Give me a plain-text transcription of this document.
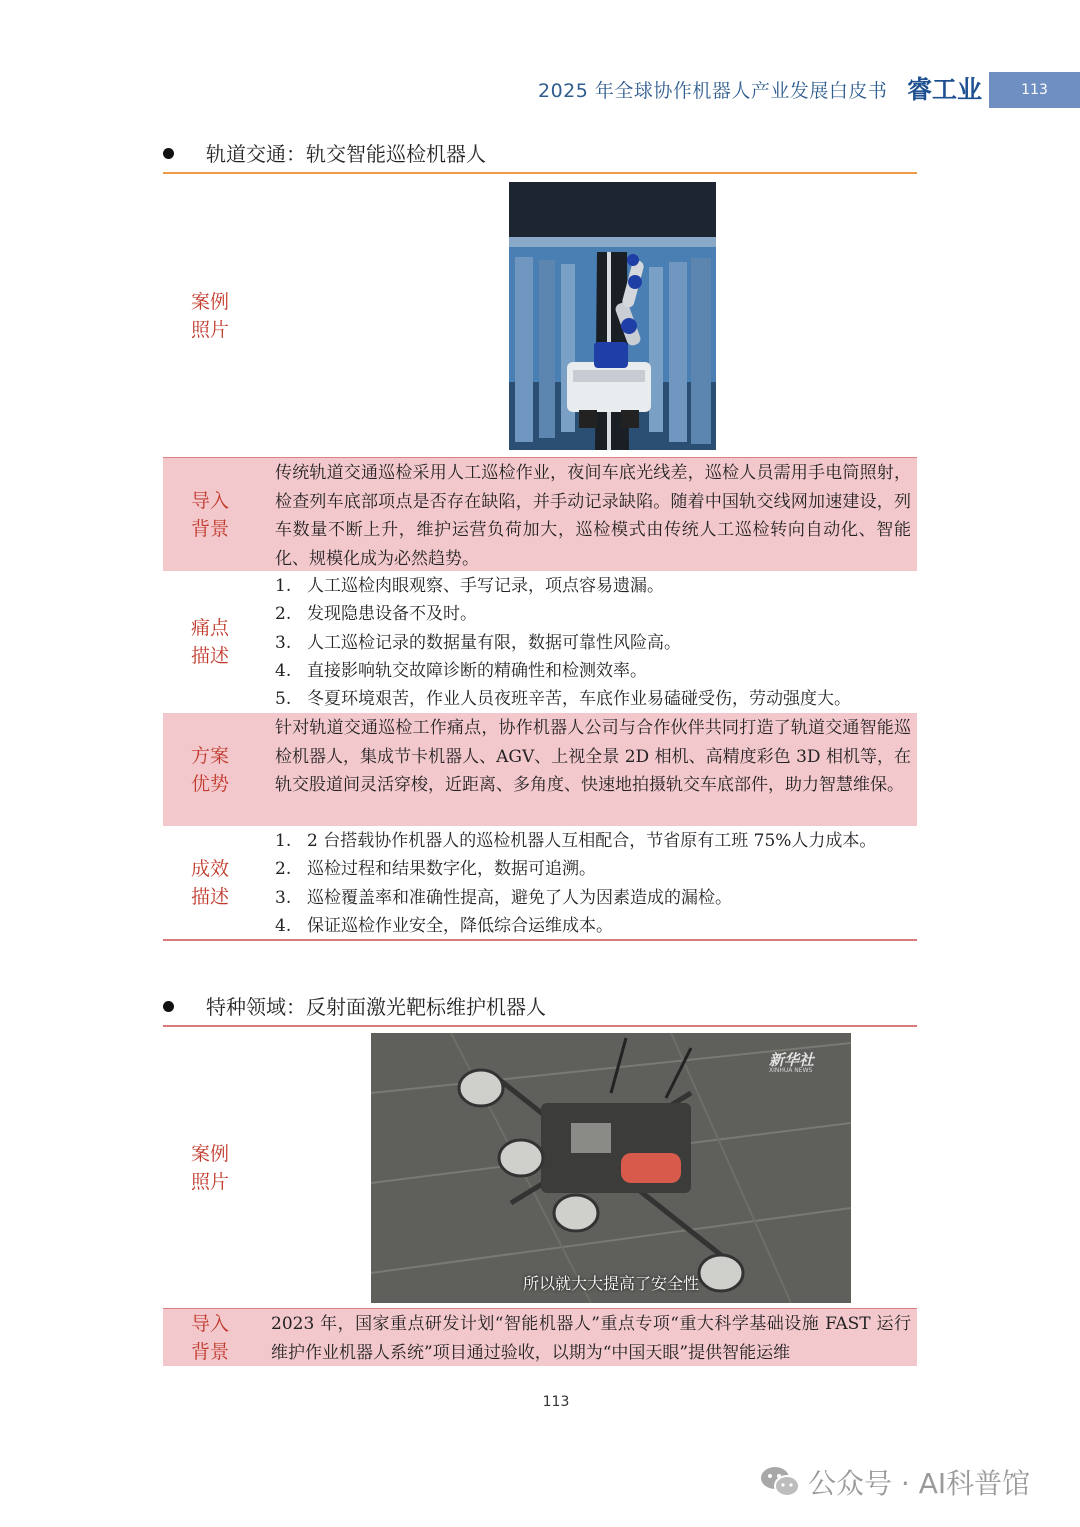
2025 年全球协作机器人产业发展白皮书 睿工业	113
轨道交通：轨交智能巡检机器人
案例
照片
导入
背景
传统轨道交通巡检采用人工巡检作业，夜间车底光线差，巡检人员需用手电筒照射，检查列车底部项点是否存在缺陷，并手动记录缺陷。随着中国轨交线网加速建设，列车数量不断上升，维护运营负荷加大，巡检模式由传统人工巡检转向自动化、智能化、规模化成为必然趋势。
痛点
描述
1. 人工巡检肉眼观察、手写记录，项点容易遗漏。
2. 发现隐患设备不及时。
3. 人工巡检记录的数据量有限，数据可靠性风险高。
4. 直接影响轨交故障诊断的精确性和检测效率。
5. 冬夏环境艰苦，作业人员夜班辛苦，车底作业易磕碰受伤，劳动强度大。
方案
优势
针对轨道交通巡检工作痛点，协作机器人公司与合作伙伴共同打造了轨道交通智能巡检机器人，集成节卡机器人、AGV、上视全景 2D 相机、高精度彩色 3D 相机等，在轨交股道间灵活穿梭，近距离、多角度、快速地拍摄轨交车底部件，助力智慧维保。
成效
描述
1. 2 台搭载协作机器人的巡检机器人互相配合，节省原有工班 75%人力成本。
2. 巡检过程和结果数字化，数据可追溯。
3. 巡检覆盖率和准确性提高，避免了人为因素造成的漏检。
4. 保证巡检作业安全，降低综合运维成本。
特种领域：反射面激光靶标维护机器人
案例
照片
新华社
XINHUA NEWS
所以就大大提高了安全性
导入
背景
2023 年，国家重点研发计划“智能机器人”重点专项“重大科学基础设施 FAST 运行维护作业机器人系统”项目通过验收，以期为“中国天眼”提供智能运维
113
公众号 · AI科普馆
